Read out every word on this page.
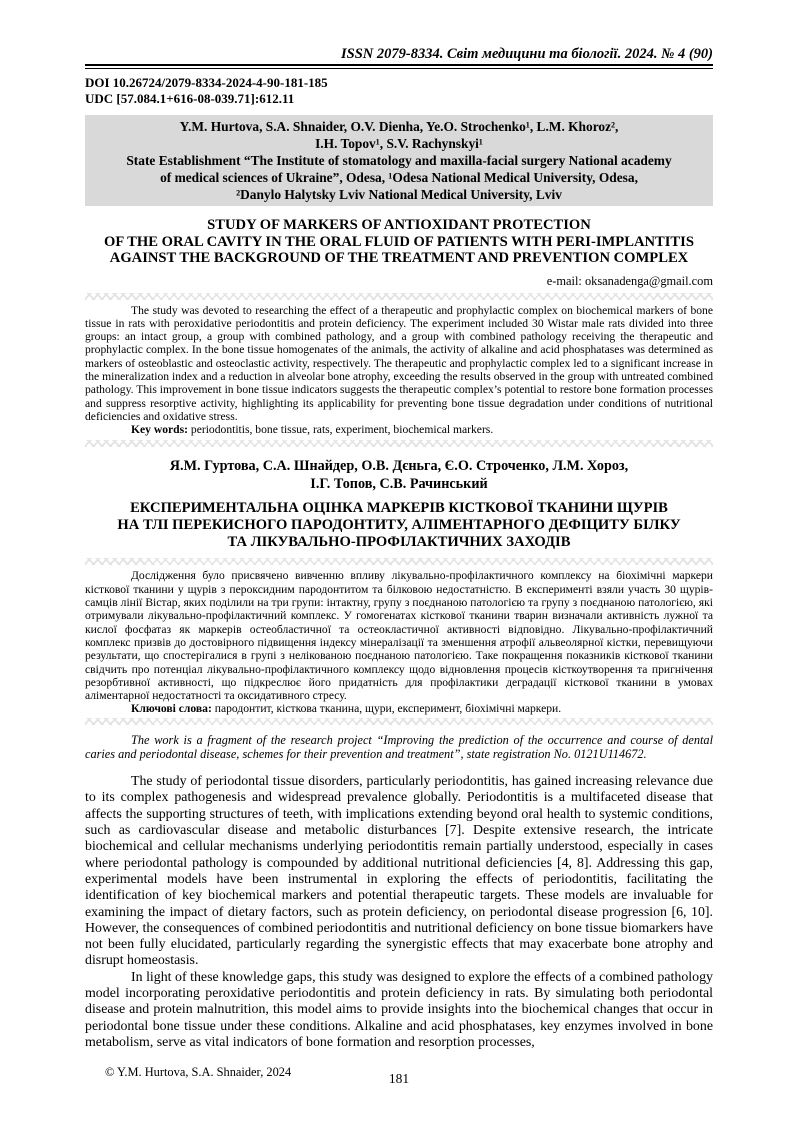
ISSN 2079-8334. Світ медицини та біології. 2024. № 4 (90)
DOI 10.26724/2079-8334-2024-4-90-181-185
UDC [57.084.1+616-08-039.71]:612.11
Y.M. Hurtova, S.A. Shnaider, O.V. Dienha, Ye.O. Strochenko¹, L.M. Khoroz²,
I.H. Topov¹, S.V. Rachynskyi¹
State Establishment “The Institute of stomatology and maxilla-facial surgery National academy
of medical sciences of Ukraine”, Odesa, ¹Odesa National Medical University, Odesa,
²Danylo Halytsky Lviv National Medical University, Lviv
STUDY OF MARKERS OF ANTIOXIDANT PROTECTION
OF THE ORAL CAVITY IN THE ORAL FLUID OF PATIENTS WITH PERI-IMPLANTITIS
AGAINST THE BACKGROUND OF THE TREATMENT AND PREVENTION COMPLEX
e-mail: oksanadenga@gmail.com

The study was devoted to researching the effect of a therapeutic and prophylactic complex on biochemical markers of bone tissue in rats with peroxidative periodontitis and protein deficiency. The experiment included 30 Wistar male rats divided into three groups: an intact group, a group with combined pathology, and a group with combined pathology receiving the therapeutic and prophylactic complex. In the bone tissue homogenates of the animals, the activity of alkaline and acid phosphatases was determined as markers of osteoblastic and osteoclastic activity, respectively. The therapeutic and prophylactic complex led to a significant increase in the mineralization index and a reduction in alveolar bone atrophy, exceeding the results observed in the group with untreated combined pathology. This improvement in bone tissue indicators suggests the therapeutic complex’s potential to restore bone formation processes and suppress resorptive activity, highlighting its applicability for preventing bone tissue degradation under conditions of nutritional deficiencies and oxidative stress.

Key words: periodontitis, bone tissue, rats, experiment, biochemical markers.

Я.М. Гуртова, С.А. Шнайдер, О.В. Дєньга, Є.О. Строченко, Л.М. Хороз,
І.Г. Топов, С.В. Рачинський
ЕКСПЕРИМЕНТАЛЬНА ОЦІНКА МАРКЕРІВ КІСТКОВОЇ ТКАНИНИ ЩУРІВ
НА ТЛІ ПЕРЕКИСНОГО ПАРОДОНТИТУ, АЛІМЕНТАРНОГО ДЕФІЦИТУ БІЛКУ
ТА ЛІКУВАЛЬНО-ПРОФІЛАКТИЧНИХ ЗАХОДІВ

Дослідження було присвячено вивченню впливу лікувально-профілактичного комплексу на біохімічні маркери кісткової тканини у щурів з пероксидним пародонтитом та білковою недостатністю. В експерименті взяли участь 30 щурів-самців лінії Вістар, яких поділили на три групи: інтактну, групу з поєднаною патологією та групу з поєднаною патологією, які отримували лікувально-профілактичний комплекс. У гомогенатах кісткової тканини тварин визначали активність лужної та кислої фосфатаз як маркерів остеобластичної та остеокластичної активності відповідно. Лікувально-профілактичний комплекс призвів до достовірного підвищення індексу мінералізації та зменшення атрофії альвеолярної кістки, перевищуючи результати, що спостерігалися в групі з нелікованою поєднаною патологією. Таке покращення показників кісткової тканини свідчить про потенціал лікувально-профілактичного комплексу щодо відновлення процесів кісткоутворення та пригнічення резорбтивної активності, що підкреслює його придатність для профілактики деградації кісткової тканини в умовах аліментарної недостатності та оксидативного стресу.

Ключові слова: пародонтит, кісткова тканина, щури, експеримент, біохімічні маркери.

The work is a fragment of the research project “Improving the prediction of the occurrence and course of dental caries and periodontal disease, schemes for their prevention and treatment”, state registration No. 0121U114672.

The study of periodontal tissue disorders, particularly periodontitis, has gained increasing relevance due to its complex pathogenesis and widespread prevalence globally. Periodontitis is a multifaceted disease that affects the supporting structures of teeth, with implications extending beyond oral health to systemic conditions, such as cardiovascular disease and metabolic disturbances [7]. Despite extensive research, the intricate biochemical and cellular mechanisms underlying periodontitis remain partially understood, especially in cases where periodontal pathology is compounded by additional nutritional deficiencies [4, 8]. Addressing this gap, experimental models have been instrumental in exploring the effects of periodontitis, facilitating the identification of key biochemical markers and potential therapeutic targets. These models are invaluable for examining the impact of dietary factors, such as protein deficiency, on periodontal disease progression [6, 10]. However, the consequences of combined periodontitis and nutritional deficiency on bone tissue biomarkers have not been fully elucidated, particularly regarding the synergistic effects that may exacerbate bone atrophy and disrupt homeostasis.

In light of these knowledge gaps, this study was designed to explore the effects of a combined pathology model incorporating peroxidative periodontitis and protein deficiency in rats. By simulating both periodontal disease and protein malnutrition, this model aims to provide insights into the biochemical changes that occur in periodontal bone tissue under these conditions. Alkaline and acid phosphatases, key enzymes involved in bone metabolism, serve as vital indicators of bone formation and resorption processes,

© Y.M. Hurtova, S.A. Shnaider, 2024	181
